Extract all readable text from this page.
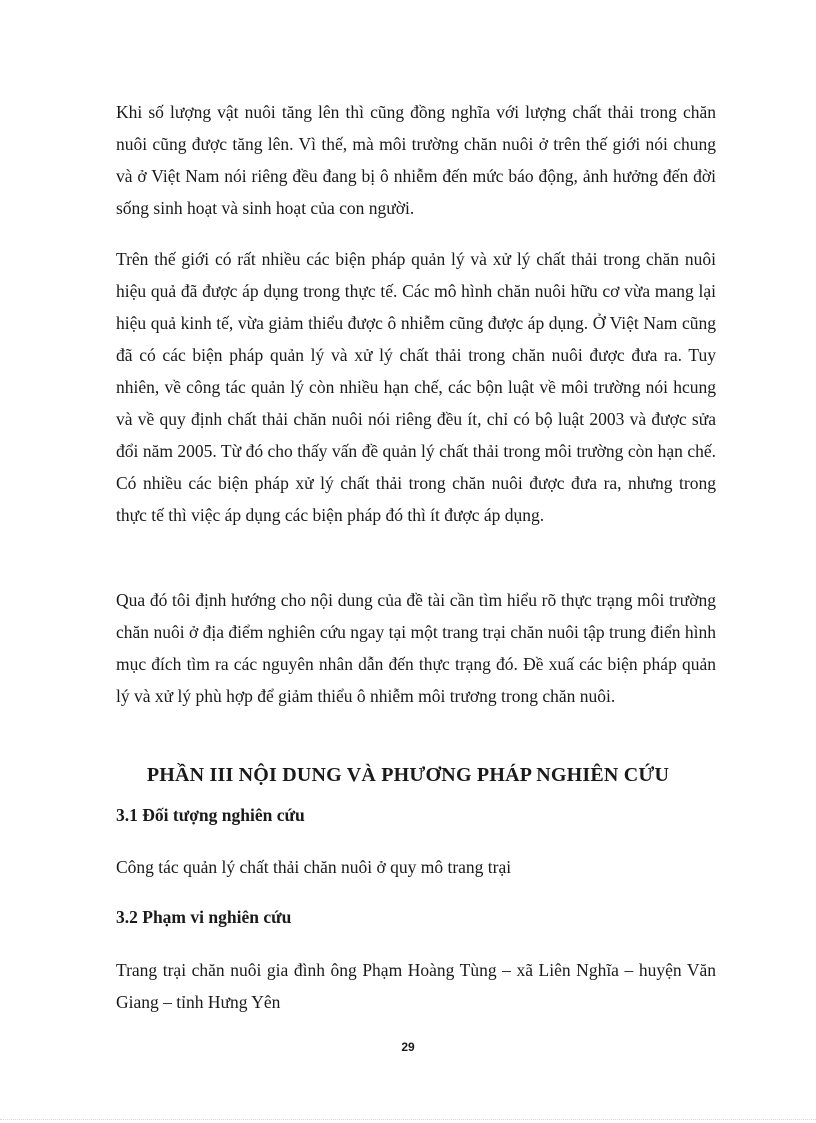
Khi số lượng vật nuôi tăng lên thì cũng đồng nghĩa với lượng chất thải trong chăn nuôi cũng được tăng lên. Vì thế, mà môi trường chăn nuôi ở trên thế giới nói chung và ở Việt Nam nói riêng đều đang bị ô nhiễm đến mức báo động, ảnh hưởng đến đời sống sinh hoạt và sinh hoạt của con người.

Trên thế giới có rất nhiều các biện pháp quản lý và xử lý chất thải trong chăn nuôi hiệu quả đã được áp dụng trong thực tế. Các mô hình chăn nuôi hữu cơ vừa mang lại hiệu quả kinh tế, vừa giảm thiểu được ô nhiễm cũng được áp dụng. Ở Việt Nam cũng đã có các biện pháp quản lý và xử lý chất thải trong chăn nuôi được đưa ra. Tuy nhiên, về công tác quản lý còn nhiều hạn chế, các bộn luật về môi trường nói hcung và về quy định chất thải chăn nuôi nói riêng đều ít, chỉ có bộ luật 2003 và được sửa đổi năm 2005. Từ đó cho thấy vấn đề quản lý chất thải trong môi trường còn hạn chế. Có nhiều các biện pháp xử lý chất thải trong chăn nuôi được đưa ra, nhưng trong thực tế thì việc áp dụng các biện pháp đó thì ít được áp dụng.

Qua đó tôi định hướng cho nội dung của đề tài cần tìm hiểu rõ thực trạng môi trường chăn nuôi ở địa điểm nghiên cứu ngay tại một trang trại chăn nuôi tập trung điển hình mục đích tìm ra các nguyên nhân dẫn đến thực trạng đó. Đề xuấ các biện pháp quản lý và xử lý phù hợp để giảm thiểu ô nhiễm môi trương trong chăn nuôi.

PHẦN III NỘI DUNG VÀ PHƯƠNG PHÁP NGHIÊN CỨU
3.1 Đối tượng nghiên cứu

Công tác quản lý chất thải chăn nuôi ở quy mô trang trại

3.2 Phạm vi nghiên cứu

Trang trại chăn nuôi gia đình ông Phạm Hoàng Tùng – xã Liên Nghĩa – huyện Văn Giang – tỉnh Hưng Yên

29
